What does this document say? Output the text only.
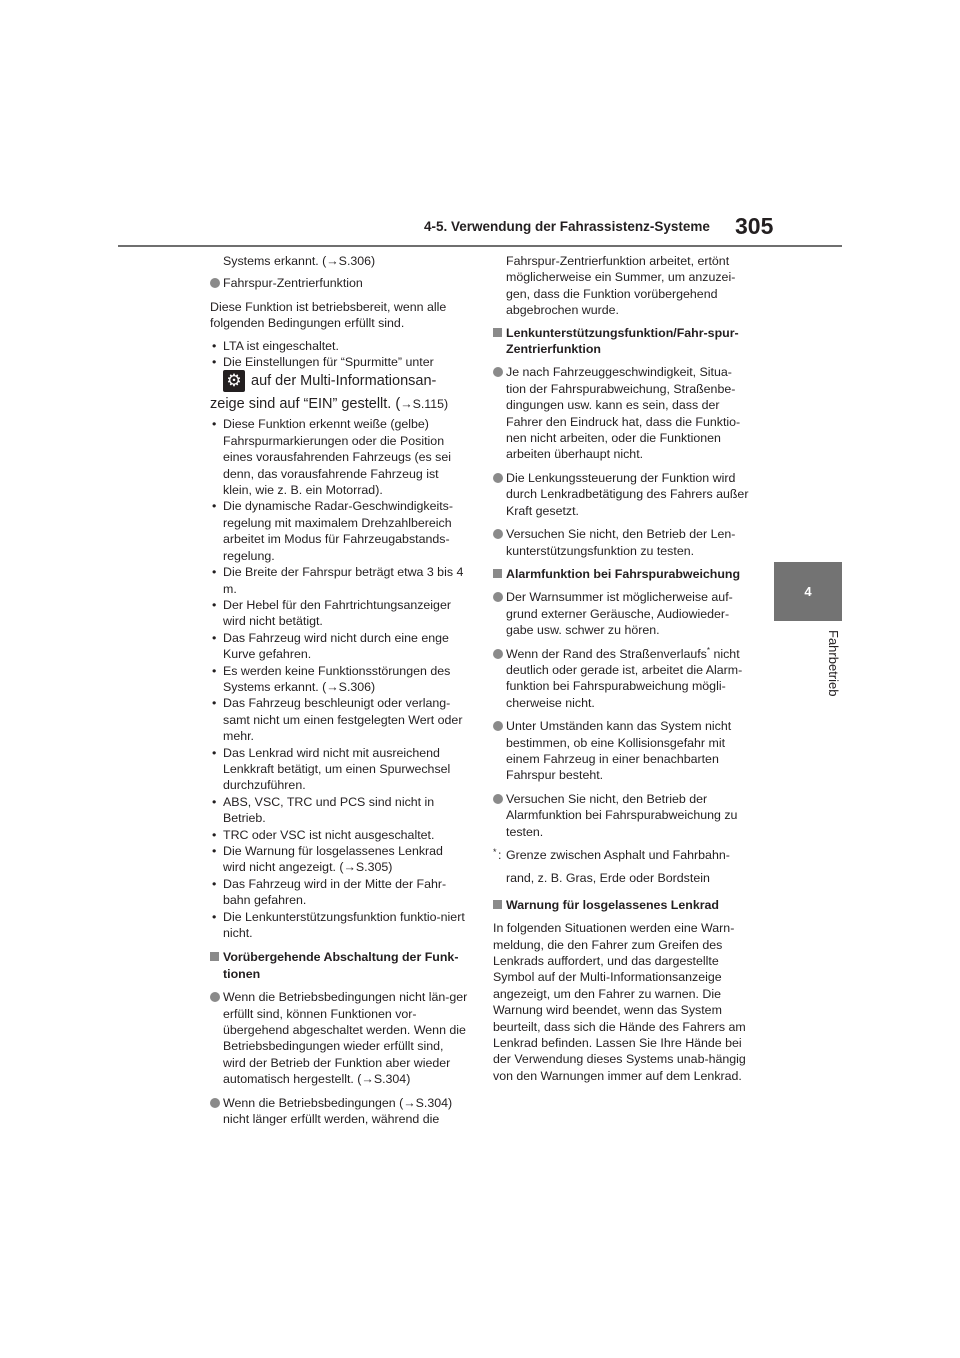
4-5. Verwendung der Fahrassistenz-Systeme 305
4
Fahrbetrieb

Systems erkannt. (→S.306)

Fahrspur-Zentrierfunktion

Diese Funktion ist betriebsbereit, wenn alle folgenden Bedingungen erfüllt sind.

• LTA ist eingeschaltet.

• Die Einstellungen für “Spurmitte” unter

⚙ auf der Multi-Informationsan-

zeige sind auf “EIN” gestellt. (→S.115)

• Diese Funktion erkennt weiße (gelbe) Fahrspurmarkierungen oder die Position eines vorausfahrenden Fahrzeugs (es sei denn, das vorausfahrende Fahrzeug ist klein, wie z. B. ein Motorrad).

• Die dynamische Radar-Geschwindigkeits-regelung mit maximalem Drehzahlbereich arbeitet im Modus für Fahrzeugabstands-regelung.

• Die Breite der Fahrspur beträgt etwa 3 bis 4 m.

• Der Hebel für den Fahrtrichtungsanzeiger wird nicht betätigt.

• Das Fahrzeug wird nicht durch eine enge Kurve gefahren.

• Es werden keine Funktionsstörungen des Systems erkannt. (→S.306)

• Das Fahrzeug beschleunigt oder verlang-samt nicht um einen festgelegten Wert oder mehr.

• Das Lenkrad wird nicht mit ausreichend Lenkkraft betätigt, um einen Spurwechsel durchzuführen.

• ABS, VSC, TRC und PCS sind nicht in Betrieb.

• TRC oder VSC ist nicht ausgeschaltet.

• Die Warnung für losgelassenes Lenkrad wird nicht angezeigt. (→S.305)

• Das Fahrzeug wird in der Mitte der Fahr-bahn gefahren.

• Die Lenkunterstützungsfunktion funktio-niert nicht.

Vorübergehende Abschaltung der Funk-tionen

Wenn die Betriebsbedingungen nicht län-ger erfüllt sind, können Funktionen vor-übergehend abgeschaltet werden. Wenn die Betriebsbedingungen wieder erfüllt sind, wird der Betrieb der Funktion aber wieder automatisch hergestellt. (→S.304)

Wenn die Betriebsbedingungen (→S.304) nicht länger erfüllt werden, während die

Fahrspur-Zentrierfunktion arbeitet, ertönt möglicherweise ein Summer, um anzuzei-gen, dass die Funktion vorübergehend abgebrochen wurde.

Lenkunterstützungsfunktion/Fahr-spur-Zentrierfunktion

Je nach Fahrzeuggeschwindigkeit, Situa-tion der Fahrspurabweichung, Straßenbe-dingungen usw. kann es sein, dass der Fahrer den Eindruck hat, dass die Funktio-nen nicht arbeiten, oder die Funktionen arbeiten überhaupt nicht.

Die Lenkungssteuerung der Funktion wird durch Lenkradbetätigung des Fahrers außer Kraft gesetzt.

Versuchen Sie nicht, den Betrieb der Len-kunterstützungsfunktion zu testen.

Alarmfunktion bei Fahrspurabweichung

Der Warnsummer ist möglicherweise auf-grund externer Geräusche, Audiowieder-gabe usw. schwer zu hören.

Wenn der Rand des Straßenverlaufs* nicht deutlich oder gerade ist, arbeitet die Alarm-funktion bei Fahrspurabweichung mögli-cherweise nicht.

Unter Umständen kann das System nicht bestimmen, ob eine Kollisionsgefahr mit einem Fahrzeug in einer benachbarten Fahrspur besteht.

Versuchen Sie nicht, den Betrieb der Alarmfunktion bei Fahrspurabweichung zu testen.

* : Grenze zwischen Asphalt und Fahrbahn-
rand, z. B. Gras, Erde oder Bordstein

Warnung für losgelassenes Lenkrad

In folgenden Situationen werden eine Warn-meldung, die den Fahrer zum Greifen des Lenkrads auffordert, und das dargestellte Symbol auf der Multi-Informationsanzeige angezeigt, um den Fahrer zu warnen. Die Warnung wird beendet, wenn das System beurteilt, dass sich die Hände des Fahrers am Lenkrad befinden. Lassen Sie Ihre Hände bei der Verwendung dieses Systems unab-hängig von den Warnungen immer auf dem Lenkrad.
